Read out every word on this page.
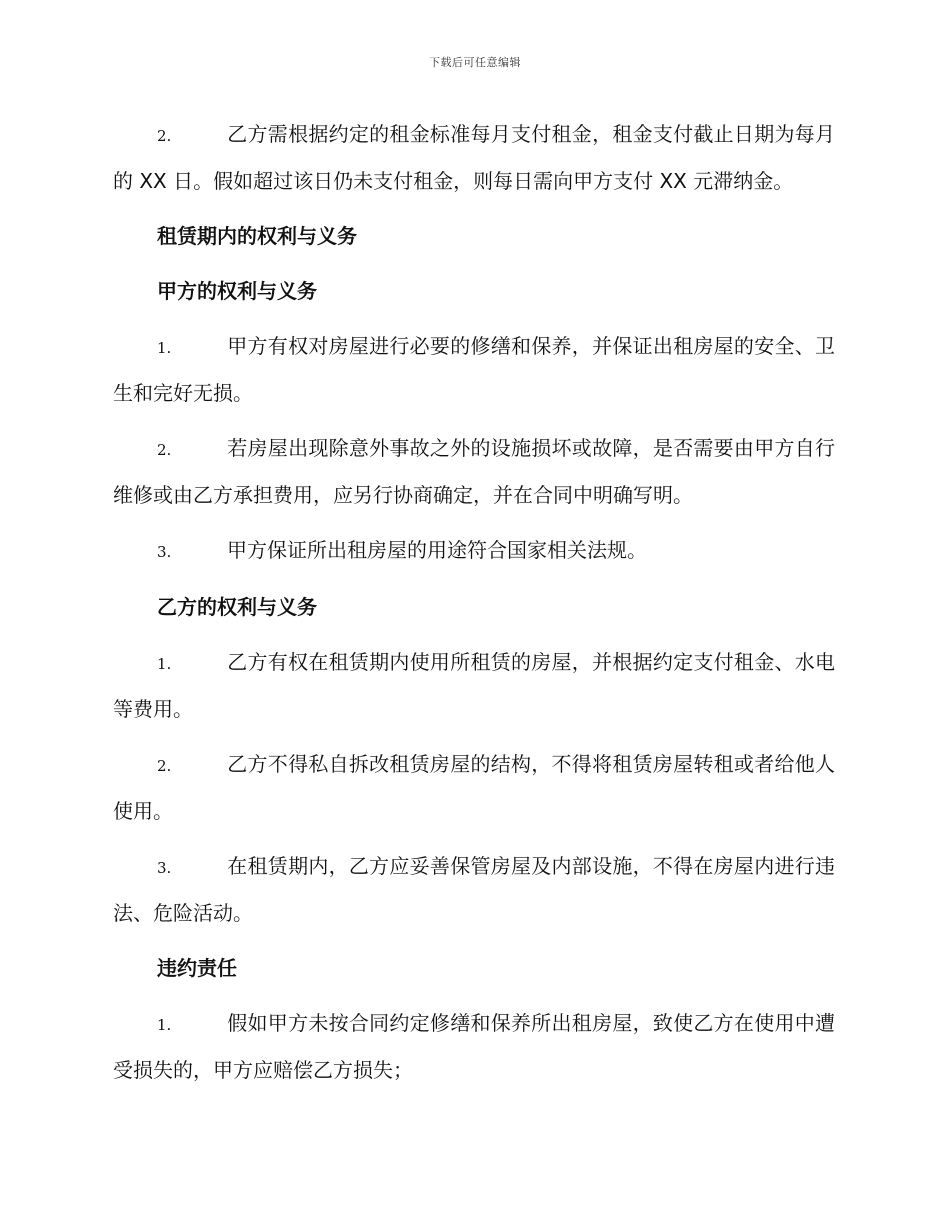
下载后可任意编辑

2.	乙方需根据约定的租金标准每月支付租金，租金支付截止日期为每月的 XX 日。假如超过该日仍未支付租金，则每日需向甲方支付 XX 元滞纳金。

租赁期内的权利与义务
甲方的权利与义务

1.	甲方有权对房屋进行必要的修缮和保养，并保证出租房屋的安全、卫生和完好无损。

2.	若房屋出现除意外事故之外的设施损坏或故障，是否需要由甲方自行维修或由乙方承担费用，应另行协商确定，并在合同中明确写明。

3.	甲方保证所出租房屋的用途符合国家相关法规。

乙方的权利与义务

1.	乙方有权在租赁期内使用所租赁的房屋，并根据约定支付租金、水电等费用。

2.	乙方不得私自拆改租赁房屋的结构，不得将租赁房屋转租或者给他人使用。

3.	在租赁期内，乙方应妥善保管房屋及内部设施，不得在房屋内进行违法、危险活动。

违约责任

1.	假如甲方未按合同约定修缮和保养所出租房屋，致使乙方在使用中遭受损失的，甲方应赔偿乙方损失；
